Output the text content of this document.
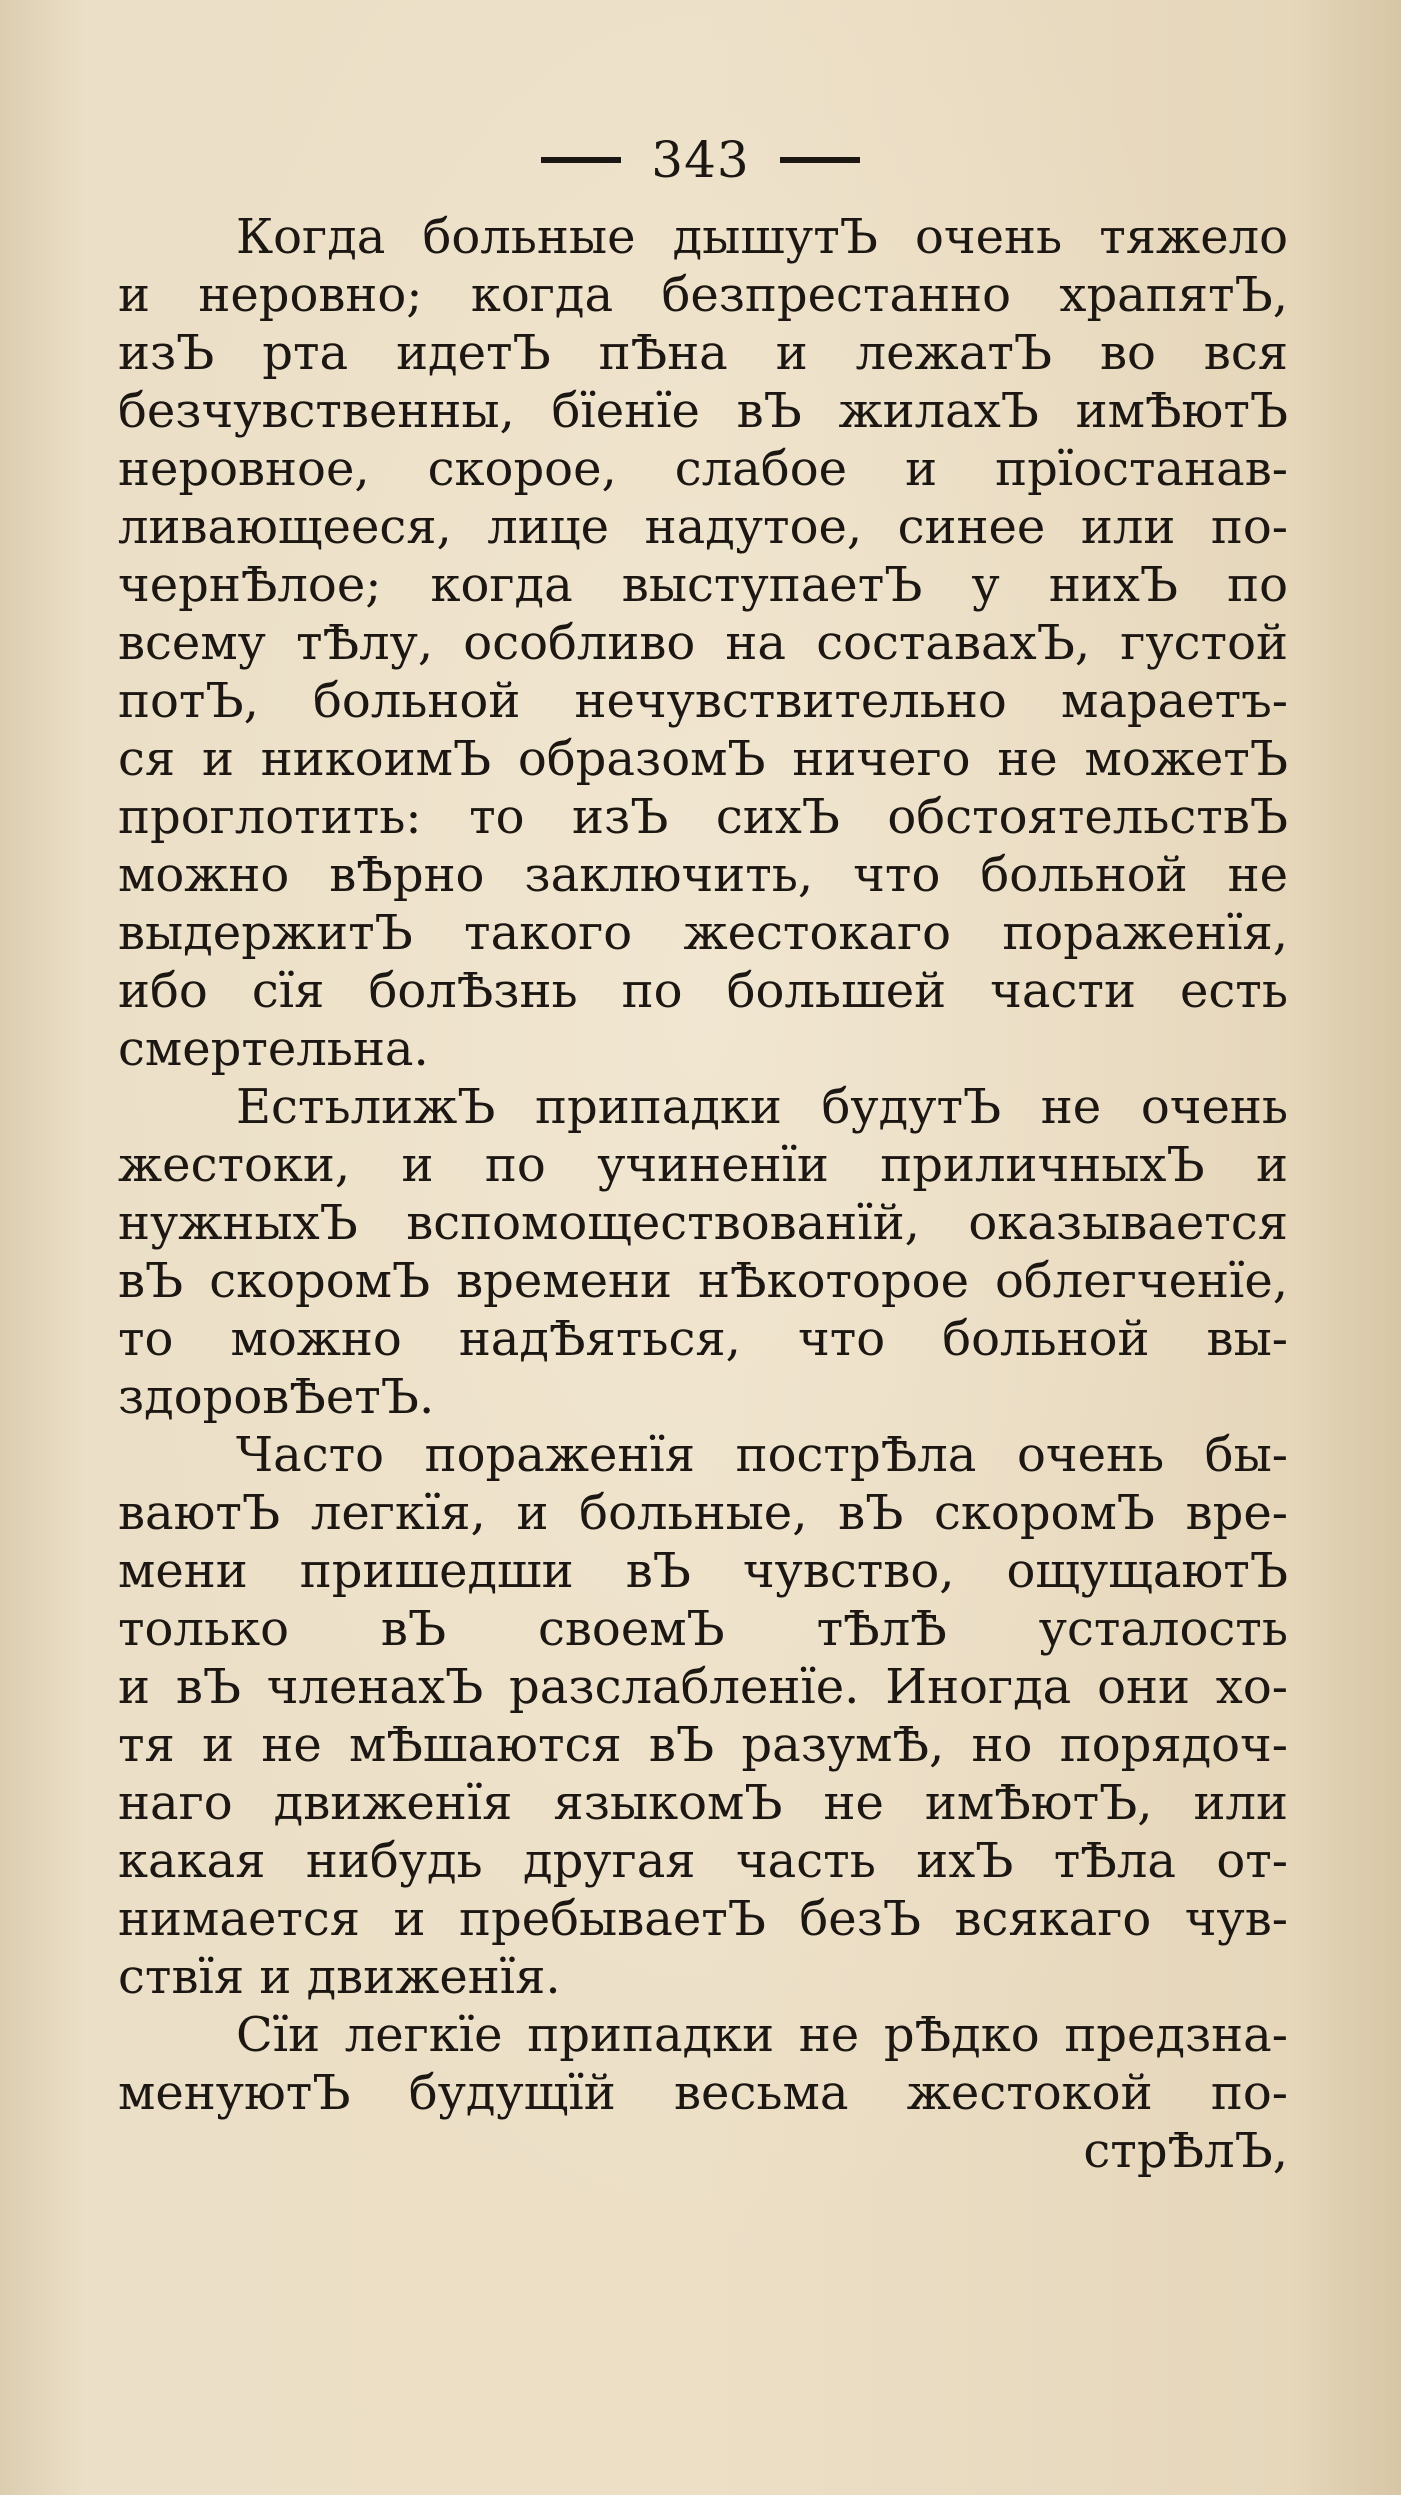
343
Когда больные дышутЪ очень тяжело
и неровно; когда безпрестанно храпятЪ,
изЪ рта идетЪ пѢна и лежатЪ во вся
безчувственны, бïенïе вЪ жилахЪ имѢютЪ
неровное, скорое, слабое и прïостанав-
ливающееся, лице надутое, синее или по-
чернѢлое; когда выступаетЪ у нихЪ по
всему тѢлу, особливо на составахЪ, густой
потЪ, больной нечувствительно мараетъ-
ся и никоимЪ образомЪ ничего не можетЪ
проглотить: то изЪ сихЪ обстоятельствЪ
можно вѢрно заключить, что больной не
выдержитЪ такого жестокаго пораженïя,
ибо сïя болѢзнь по большей части есть
смертельна.
ЕстьлижЪ припадки будутЪ не очень
жестоки, и по учиненïи приличныхЪ и
нужныхЪ вспомоществованïй, оказывается
вЪ скоромЪ времени нѢкоторое облегченïе,
то можно надѢяться, что больной вы-
здоровѢетЪ.
Часто пораженïя пострѢла очень бы-
ваютЪ легкïя, и больные, вЪ скоромЪ вре-
мени пришедши вЪ чувство, ощущаютЪ
только вЪ своемЪ тѢлѢ усталость
и вЪ членахЪ разслабленïе. Иногда они хо-
тя и не мѢшаются вЪ разумѢ, но порядоч-
наго движенïя языкомЪ не имѢютЪ, или
какая нибудь другая часть ихЪ тѢла от-
нимается и пребываетЪ безЪ всякаго чув-
ствïя и движенïя.
Сïи легкïе припадки не рѢдко предзна-
менуютЪ будущïй весьма жестокой по-
стрѢлЪ,
